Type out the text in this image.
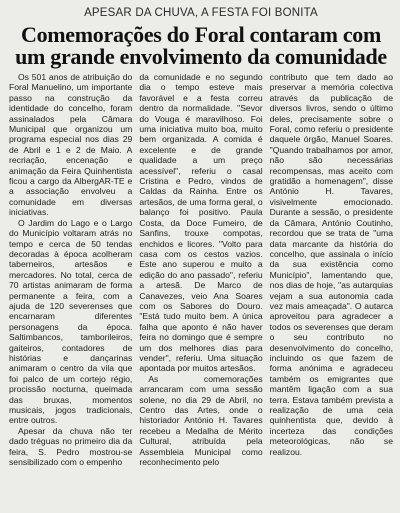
APESAR DA CHUVA, A FESTA FOI BONITA
Comemorações do Foral contaram com
um grande envolvimento da comunidade

Os 501 anos de atribuição do Foral Manuelino, um importante passo na construção da identidade do concelho, foram assinalados pela Câmara Municipal que organizou um programa especial nos dias 29 de Abril e 1 e 2 de Maio. A recriação, encenação e animação da Feira Quinhentista ficou a cargo da AlbergAR-TE e a associação envolveu a comunidade em diversas iniciativas.

O Jardim do Lago e o Largo do Município voltaram atrás no tempo e cerca de 50 tendas decoradas à época acolheram taberneiros, artesãos e mercadores. No total, cerca de 70 artistas animaram de forma permanente a feira, com a ajuda de 120 severenses que encarnaram diferentes personagens da época. Saltimbancos, tamborileiros, gaiteiros, contadores de histórias e dançarinas animaram o centro da vila que foi palco de um cortejo régio, procissão nocturna, queimada das bruxas, momentos musicais, jogos tradicionais, entre outros.

Apesar da chuva não ter dado tréguas no primeiro dia da feira, S. Pedro mostrou-se sensibilizado com o empenho

da comunidade e no segundo dia o tempo esteve mais favorável e a festa correu dentro da normalidade. "Sevor do Vouga é maravilhoso. Foi uma iniciativa muito boa, muito bem organizada. A comida é excelente e de grande qualidade a um preço acessível", referiu o casal Cristina e Pedro, vindos de Caldas da Rainha. Entre os artesãos, de uma forma geral, o balanço foi positivo. Paula Costa, da Doce Fumeiro, de Sanfins, trouxe compotas, enchidos e licores. "Volto para casa com os cestos vazios. Este ano superou e muito a edição do ano passado", referiu a artesã. De Marco de Canavezes, veio Ana Soares com os Sabores do Douro. "Está tudo muito bem. A única falha que aponto é não haver feira no domingo que é sempre um dos melhores dias para vender", referiu. Uma situação apontada por muitos artesãos.

As comemorações arrancaram com uma sessão solene, no dia 29 de Abril, no Centro das Artes, onde o historiador António H. Tavares recebeu a Medalha de Mérito Cultural, atribuída pela Assembleia Municipal como reconhecimento pelo

contributo que tem dado ao preservar a memória colectiva através da publicação de diversos livros, sendo o último deles, precisamente sobre o Foral, como referiu o presidente daquele órgão, Manuel Soares. "Quando trabalhamos por amor, não são necessárias recompensas, mas aceito com gratidão a homenagem", disse António H. Tavares, visivelmente emocionado. Durante a sessão, o presidente da Câmara, António Coutinho, recordou que se trata de "uma data marcante da história do concelho, que assinala o início da sua existência como Município", lamentando que, nos dias de hoje, "as autarquias vejam a sua autonomia cada vez mais ameaçada". O autarca aproveitou para agradecer a todos os severenses que deram o seu contributo no desenvolvimento do concelho, incluindo os que fazem de forma anónima e agradeceu também os emigrantes que mantêm ligação com a sua terra. Estava também prevista a realização de uma ceia quinhentista que, devido à incerteza das condições meteorológicas, não se realizou.
